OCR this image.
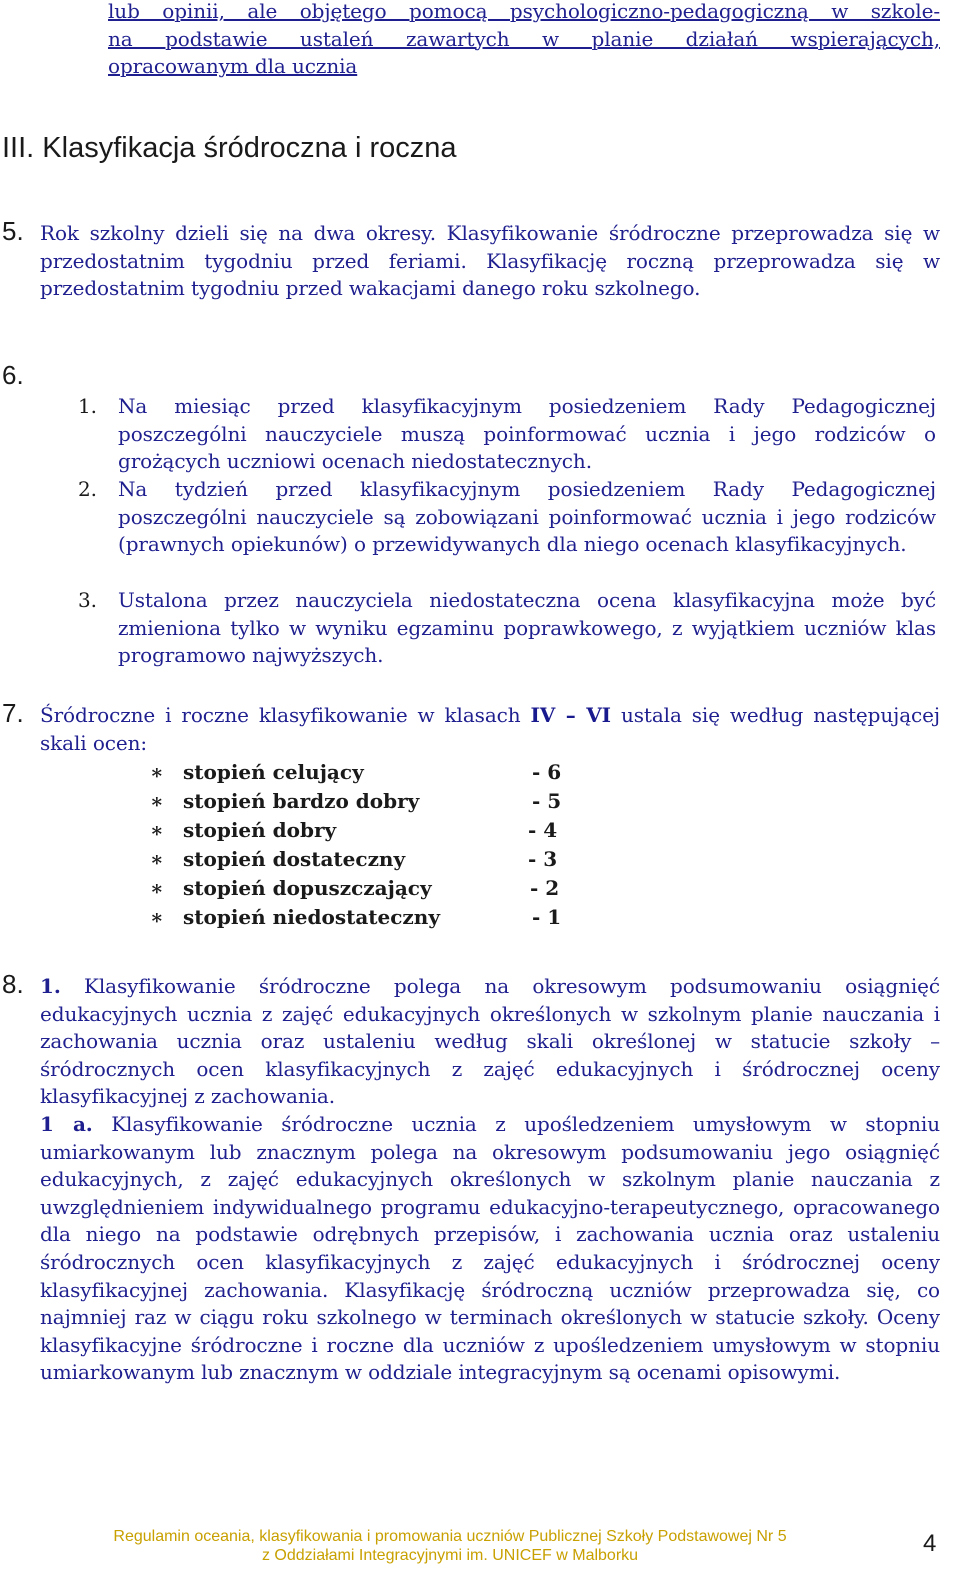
lub opinii, ale objętego pomocą psychologiczno-pedagogiczną w szkole-
na podstawie ustaleń zawartych w planie działań wspierających,
opracowanym dla ucznia
III. Klasyfikacja śródroczna i roczna
5. Rok szkolny dzieli się na dwa okresy. Klasyfikowanie śródroczne przeprowadza się w przedostatnim tygodniu przed feriami. Klasyfikację roczną przeprowadza się w przedostatnim tygodniu przed wakacjami danego roku szkolnego.
6.
1. Na miesiąc przed klasyfikacyjnym posiedzeniem Rady Pedagogicznej poszczególni nauczyciele muszą poinformować ucznia i jego rodziców o grożących uczniowi ocenach niedostatecznych.
2. Na tydzień przed klasyfikacyjnym posiedzeniem Rady Pedagogicznej poszczególni nauczyciele są zobowiązani poinformować ucznia i jego rodziców (prawnych opiekunów) o przewidywanych dla niego ocenach klasyfikacyjnych.
3. Ustalona przez nauczyciela niedostateczna ocena klasyfikacyjna może być zmieniona tylko w wyniku egzaminu poprawkowego, z wyjątkiem uczniów klas programowo najwyższych.
7. Śródroczne i roczne klasyfikowanie w klasach IV – VI ustala się według następującej skali ocen:
∗ stopień celujący	- 6
∗ stopień bardzo dobry	- 5
∗ stopień dobry	- 4
∗ stopień dostateczny	- 3
∗ stopień dopuszczający	- 2
∗ stopień niedostateczny	- 1
8. 1. Klasyfikowanie śródroczne polega na okresowym podsumowaniu osiągnięć edukacyjnych ucznia z zajęć edukacyjnych określonych w szkolnym planie nauczania i zachowania ucznia oraz ustaleniu według skali określonej w statucie szkoły – śródrocznych ocen klasyfikacyjnych z zajęć edukacyjnych i śródrocznej oceny klasyfikacyjnej z zachowania.
1 a. Klasyfikowanie śródroczne ucznia z upośledzeniem umysłowym w stopniu umiarkowanym lub znacznym polega na okresowym podsumowaniu jego osiągnięć edukacyjnych, z zajęć edukacyjnych określonych w szkolnym planie nauczania z uwzględnieniem indywidualnego programu edukacyjno-terapeutycznego, opracowanego dla niego na podstawie odrębnych przepisów, i zachowania ucznia oraz ustaleniu śródrocznych ocen klasyfikacyjnych z zajęć edukacyjnych i śródrocznej oceny klasyfikacyjnej zachowania. Klasyfikację śródroczną uczniów przeprowadza się, co najmniej raz w ciągu roku szkolnego w terminach określonych w statucie szkoły. Oceny klasyfikacyjne śródroczne i roczne dla uczniów z upośledzeniem umysłowym w stopniu umiarkowanym lub znacznym w oddziale integracyjnym są ocenami opisowymi.
Regulamin oceania, klasyfikowania i promowania uczniów Publicznej Szkoły Podstawowej Nr 5
z Oddziałami Integracyjnymi im. UNICEF w Malborku	4
